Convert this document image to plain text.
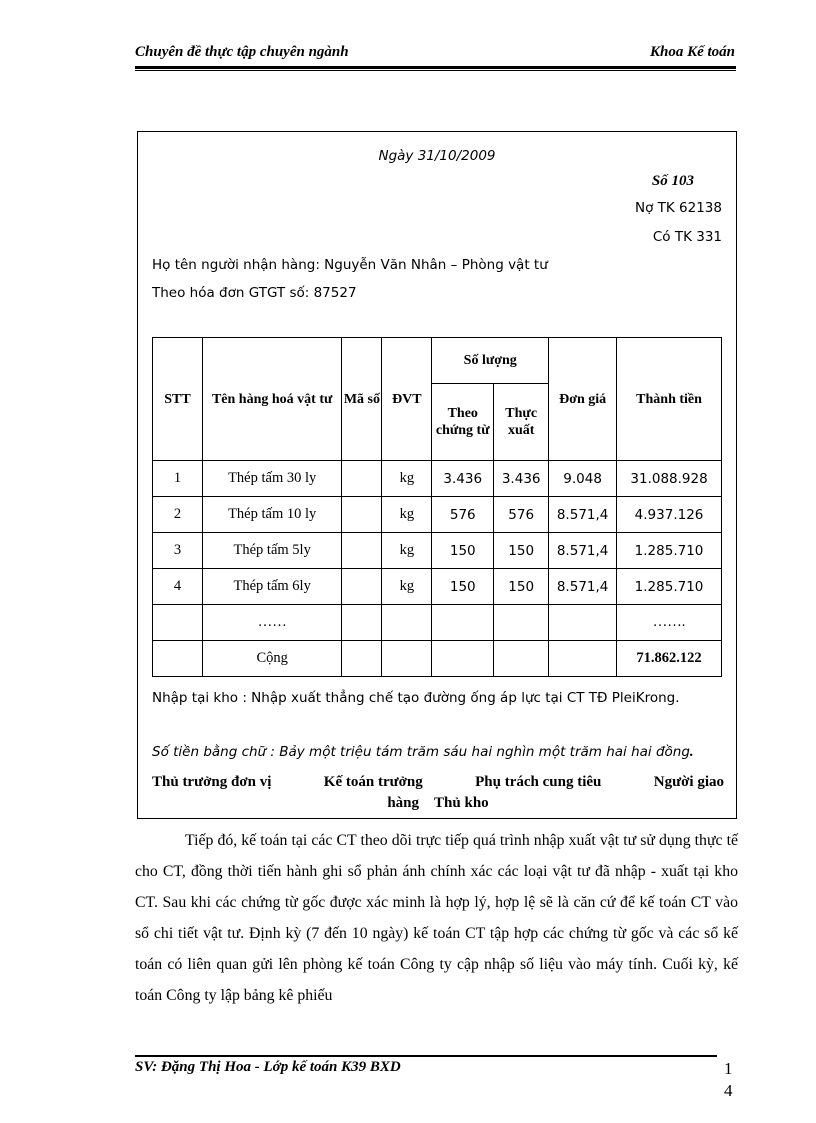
Chuyên đề thực tập chuyên ngành	Khoa Kế toán
Ngày 31/10/2009
Số 103
Nợ TK 62138
Có TK 331
Họ tên người nhận hàng: Nguyễn Văn Nhân – Phòng vật tư
Theo hóa đơn GTGT số: 87527
STT	Tên hàng hoá vật tư	Mã số	ĐVT	Số lượng		Đơn giá	Thành tiền
				Theo chứng từ	Thực xuất		
1	Thép tấm 30 ly		kg	3.436	3.436	9.048	31.088.928
2	Thép tấm 10 ly		kg	576	576	8.571,4	4.937.126
3	Thép tấm 5ly		kg	150	150	8.571,4	1.285.710
4	Thép tấm 6ly		kg	150	150	8.571,4	1.285.710
	……						…….
	Cộng						71.862.122
Nhập tại kho : Nhập xuất thẳng chế tạo đường ống áp lực tại CT TĐ PleiKrong.
Số tiền bằng chữ : Bảy một triệu tám trăm sáu hai nghìn một trăm hai hai đồng.
Thủ trưởng đơn vị	Kế toán trưởng	Phụ trách cung tiêu	Người giao
hàng Thủ kho
Tiếp đó, kế toán tại các CT theo dõi trực tiếp quá trình nhập xuất vật tư sử dụng thực tế cho CT, đồng thời tiến hành ghi sổ phản ánh chính xác các loại vật tư đã nhập - xuất tại kho CT. Sau khi các chứng từ gốc được xác minh là hợp lý, hợp lệ sẽ là căn cứ để kế toán CT vào sổ chi tiết vật tư. Định kỳ (7 đến 10 ngày) kế toán CT tập hợp các chứng từ gốc và các sổ kế toán có liên quan gửi lên phòng kế toán Công ty cập nhập số liệu vào máy tính. Cuối kỳ, kế toán Công ty lập bảng kê phiếu
SV: Đặng Thị Hoa - Lớp kế toán K39 BXD	1
4
